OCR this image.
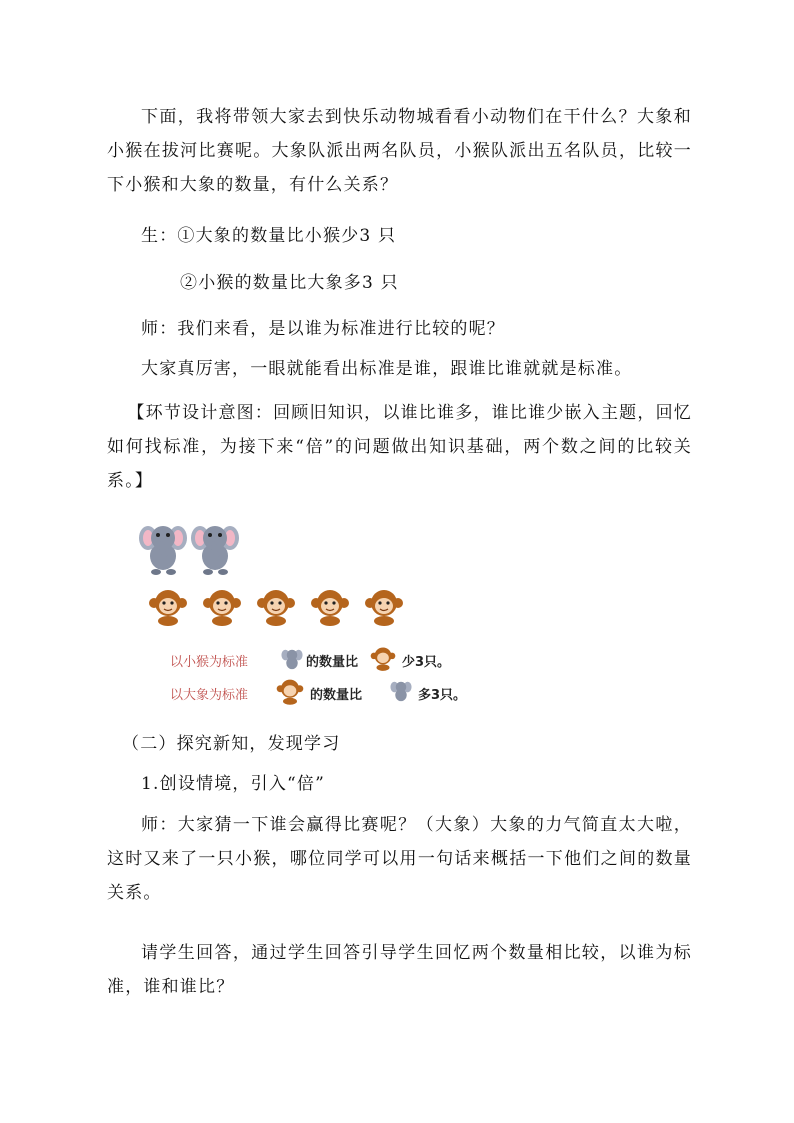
下面，我将带领大家去到快乐动物城看看小动物们在干什么？大象和小猴在拔河比赛呢。大象队派出两名队员，小猴队派出五名队员，比较一下小猴和大象的数量，有什么关系？

生：①大象的数量比小猴少3 只

②小猴的数量比大象多3 只

师：我们来看，是以谁为标准进行比较的呢？

大家真厉害，一眼就能看出标准是谁，跟谁比谁就就是标准。

【环节设计意图：回顾旧知识，以谁比谁多，谁比谁少嵌入主题，回忆如何找标准，为接下来“倍”的问题做出知识基础，两个数之间的比较关系。】

以小猴为标准	的数量比	少3只。
以大象为标准	的数量比	多3只。

（二）探究新知，发现学习

1.创设情境，引入“倍”

师：大家猜一下谁会赢得比赛呢？（大象）大象的力气简直太大啦，这时又来了一只小猴，哪位同学可以用一句话来概括一下他们之间的数量关系。

请学生回答，通过学生回答引导学生回忆两个数量相比较，以谁为标准，谁和谁比？
